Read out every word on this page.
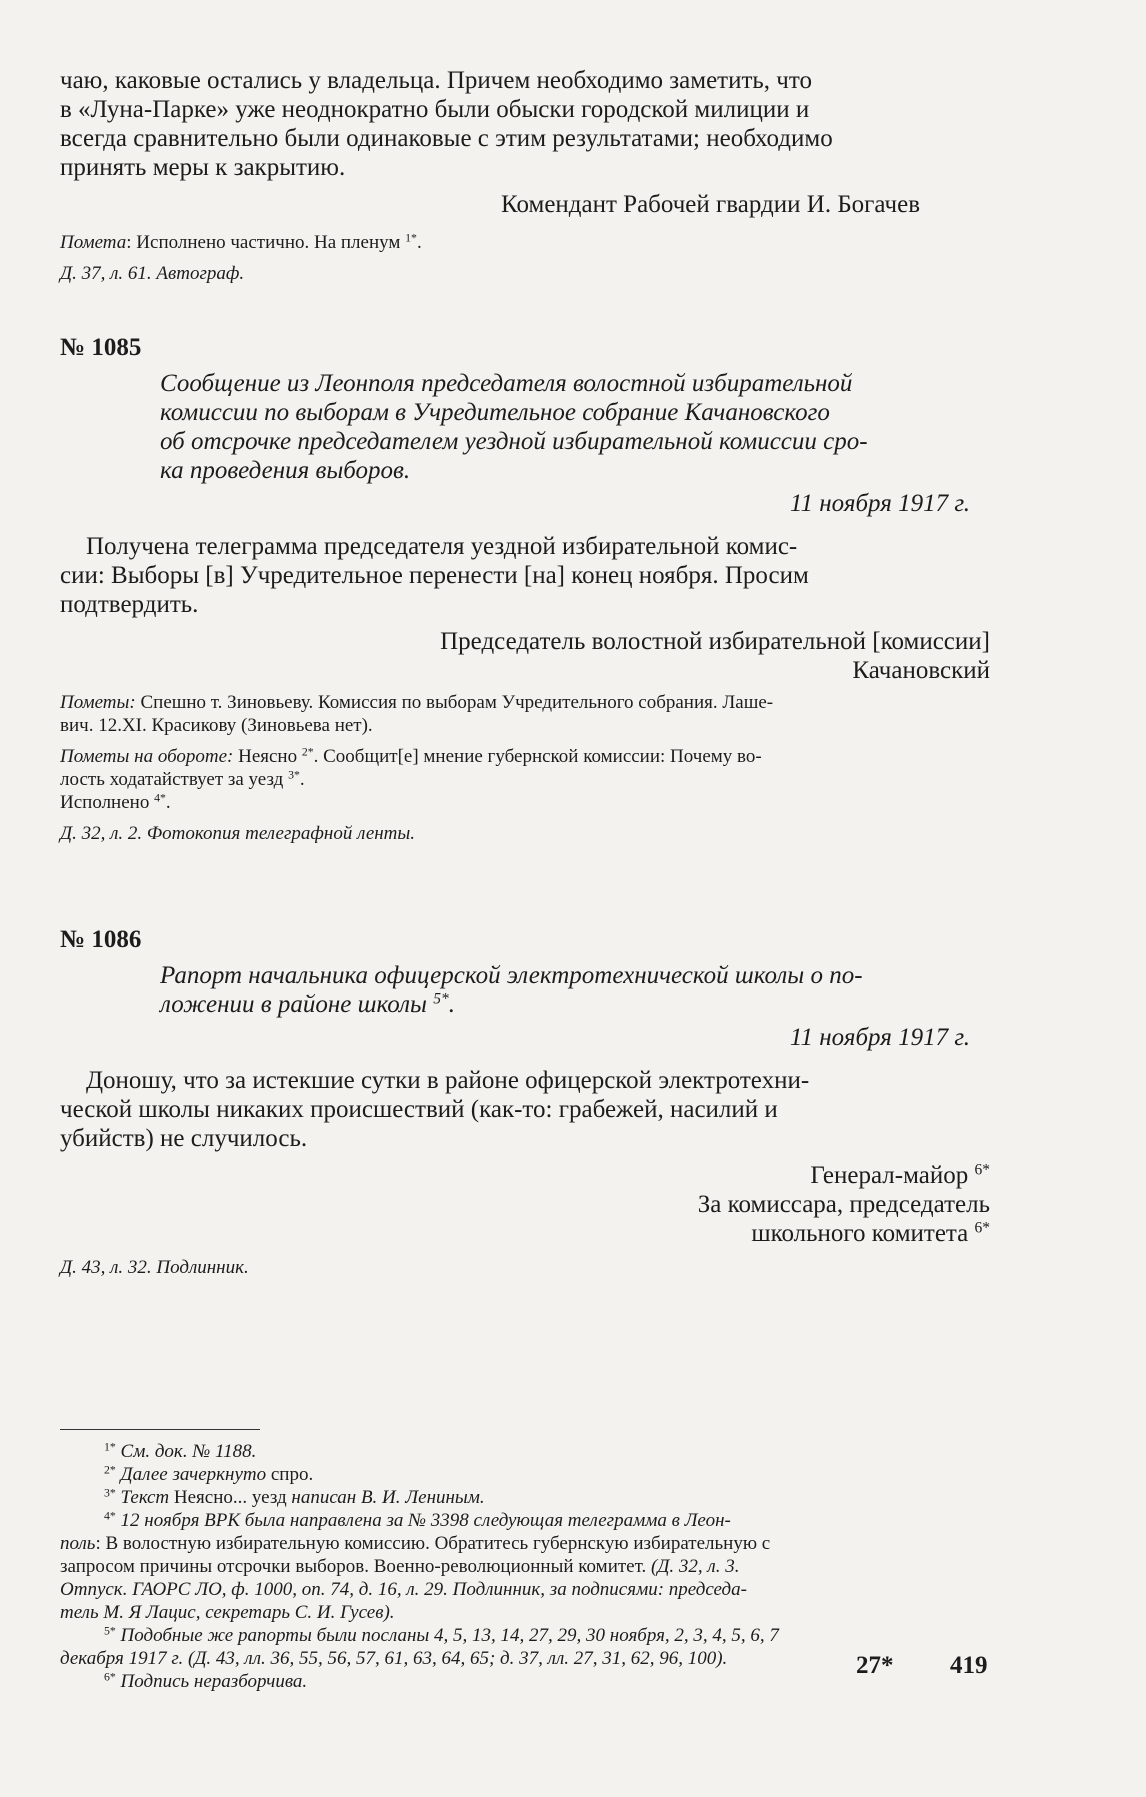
чаю, каковые остались у владельца. Причем необходимо заметить, что
в «Луна-Парке» уже неоднократно были обыски городской милиции и
всегда сравнительно были одинаковые с этим результатами; необходимо
принять меры к закрытию.

Комендант Рабочей гвардии И. Богачев

Помета: Исполнено частично. На пленум $^{1*}$.

Д. 37, л. 61. Автограф.

№ 1085

Сообщение из Леонполя председателя волостной избирательной
комиссии по выборам в Учредительное собрание Качановского
об отсрочке председателем уездной избирательной комиссии сро-
ка проведения выборов.

11 ноября 1917 г.

Получена телеграмма председателя уездной избирательной комис-
сии: Выборы [в] Учредительное перенести [на] конец ноября. Просим
подтвердить.

Председатель волостной избирательной [комиссии]
Качановский

Пометы: Спешно т. Зиновьеву. Комиссия по выборам Учредительного собрания. Лаше-
вич. 12.XI. Красикову (Зиновьева нет).

Пометы на обороте: Неясно $^{2*}$. Сообщит[е] мнение губернской комиссии: Почему во-
лость ходатайствует за уезд $^{3*}$.
Исполнено $^{4*}$.

Д. 32, л. 2. Фотокопия телеграфной ленты.

№ 1086

Рапорт начальника офицерской электротехнической школы о по-
ложении в районе школы $^{5*}$.

11 ноября 1917 г.

Доношу, что за истекшие сутки в районе офицерской электротехни-
ческой школы никаких происшествий (как-то: грабежей, насилий и
убийств) не случилось.

Генерал-майор $^{6*}$
За комиссара, председатель
школьного комитета $^{6*}$

Д. 43, л. 32. Подлинник.

$^{1*}$ См. док. № 1188.

$^{2*}$ Далее зачеркнуто спро.

$^{3*}$ Текст Неясно... уезд написан В. И. Лениным.

$^{4*}$ 12 ноября ВРК была направлена за № 3398 следующая телеграмма в Леон-
поль: В волостную избирательную комиссию. Обратитесь губернскую избирательную с
запросом причины отсрочки выборов. Военно-революционный комитет. (Д. 32, л. 3.
Отпуск. ГАОРС ЛО, ф. 1000, оп. 74, д. 16, л. 29. Подлинник, за подписями: председа-
тель М. Я Лацис, секретарь С. И. Гусев).

$^{5*}$ Подобные же рапорты были посланы 4, 5, 13, 14, 27, 29, 30 ноября, 2, 3, 4, 5, 6, 7
декабря 1917 г. (Д. 43, лл. 36, 55, 56, 57, 61, 63, 64, 65; д. 37, лл. 27, 31, 62, 96, 100).

$^{6*}$ Подпись неразборчива.

27* 419
